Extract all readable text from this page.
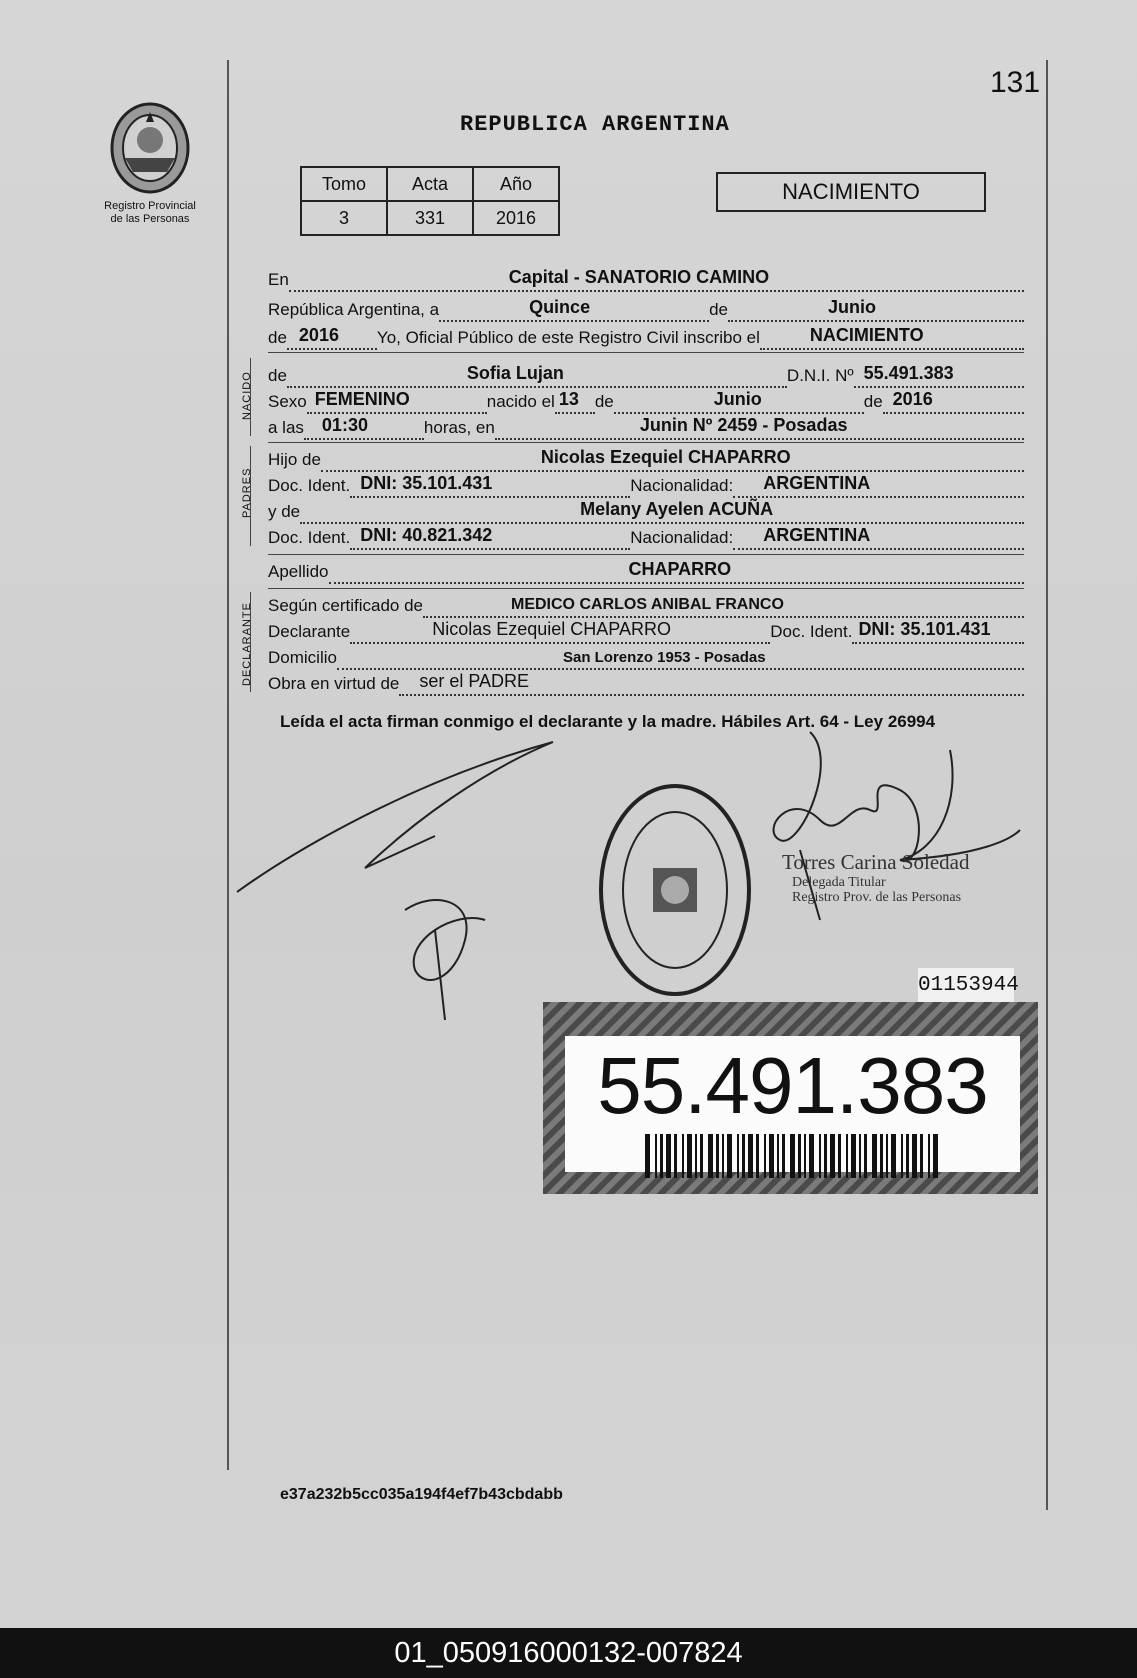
131
Registro Provincial
de las Personas
REPUBLICA ARGENTINA
Tomo	Acta	Año
3	331	2016
NACIMIENTO
En	Capital - SANATORIO CAMINO
República Argentina, a	Quince	de	Junio
de 2016 Yo, Oficial Público de este Registro Civil inscribo el	NACIMIENTO
NACIDO de	Sofia Lujan	D.N.I. Nº 55.491.383
Sexo FEMENINO	nacido el 13 de	Junio	de 2016
a las 01:30	horas, en	Junin Nº 2459 - Posadas
PADRES
Hijo de	Nicolas Ezequiel CHAPARRO
Doc. Ident. DNI: 35.101.431	Nacionalidad: ARGENTINA
y de	Melany Ayelen ACUÑA
Doc. Ident. DNI: 40.821.342	Nacionalidad: ARGENTINA
Apellido	CHAPARRO
DECLARANTE Según certificado de	MEDICO CARLOS ANIBAL FRANCO
Declarante	Nicolas Ezequiel CHAPARRO	Doc. Ident. DNI: 35.101.431
Domicilio	San Lorenzo 1953 - Posadas
Obra en virtud de ser el PADRE
Leída el acta firman conmigo el declarante y la madre. Hábiles Art. 64 - Ley 26994
Torres Carina Soledad
Delegada Titular
Registro Prov. de las Personas
01153944
55.491.383
e37a232b5cc035a194f4ef7b43cbdabb
01_050916000132-007824
